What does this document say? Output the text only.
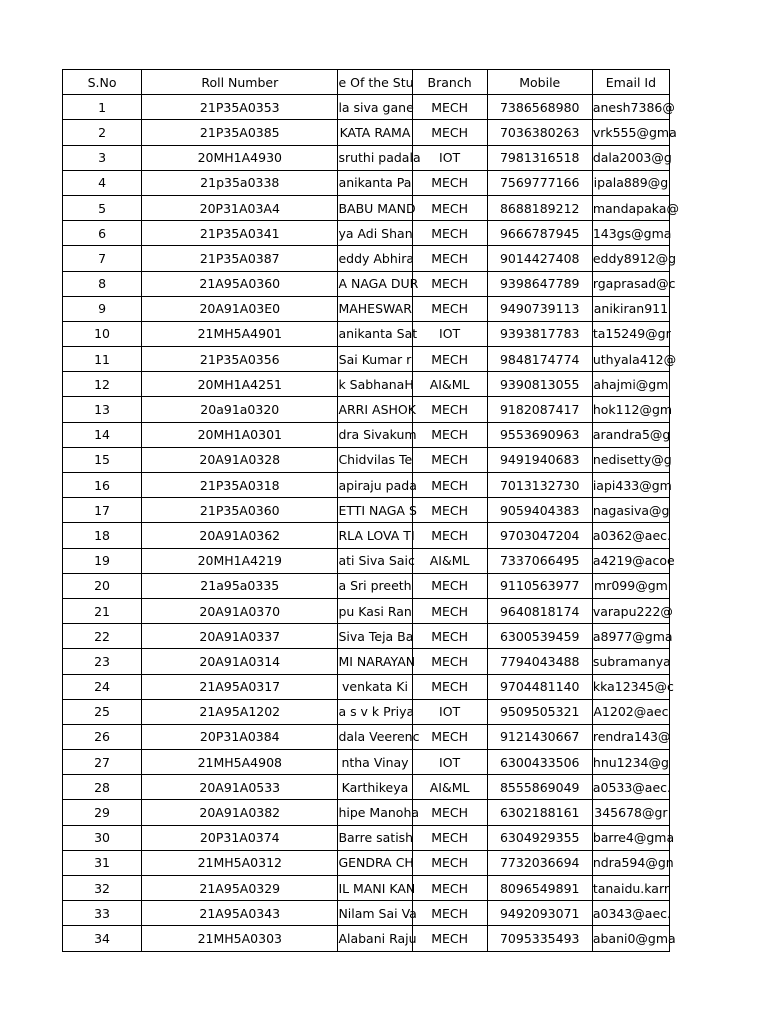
S.No	Roll Number	e Of the Stu	Branch	Mobile	Email Id

1	21P35A0353	la siva gane	MECH	7386568980	anesh7386@

2	21P35A0385	KATA RAMA	MECH	7036380263	vrk555@gma

3	20MH1A4930	sruthi padala	IOT	7981316518	dala2003@g

4	21p35a0338	anikanta Pa	MECH	7569777166	ipala889@g

5	20P31A03A4	BABU MAND	MECH	8688189212	mandapaka@

6	21P35A0341	ya Adi Shan	MECH	9666787945	143gs@gma

7	21P35A0387	eddy Abhira	MECH	9014427408	eddy8912@g

8	21A95A0360	A NAGA DUR	MECH	9398647789	rgaprasad@c

9	20A91A03E0	MAHESWAR	MECH	9490739113	anikiran911

10	21MH5A4901	anikanta Sat	IOT	9393817783	ta15249@gr

11	21P35A0356	Sai Kumar r	MECH	9848174774	uthyala412@

12	20MH1A4251	k SabhanaH	AI&ML	9390813055	ahajmi@gm

13	20a91a0320	ARRI ASHOK	MECH	9182087417	hok112@gm

14	20MH1A0301	dra Sivakum	MECH	9553690963	arandra5@g

15	20A91A0328	Chidvilas Te	MECH	9491940683	nedisetty@g

16	21P35A0318	apiraju pada	MECH	7013132730	iapi433@gm

17	21P35A0360	ETTI NAGA S	MECH	9059404383	nagasiva@g

18	20A91A0362	RLA LOVA TI	MECH	9703047204	a0362@aec.

19	20MH1A4219	ati Siva Saic	AI&ML	7337066495	a4219@acoe

20	21a95a0335	a Sri preeth	MECH	9110563977	mr099@gm

21	20A91A0370	pu Kasi Ran	MECH	9640818174	varapu222@

22	20A91A0337	Siva Teja Ba	MECH	6300539459	a8977@gma

23	20A91A0314	MI NARAYAN	MECH	7794043488	subramanya

24	21A95A0317	venkata Ki	MECH	9704481140	kka12345@c

25	21A95A1202	a s v k Priya	IOT	9509505321	A1202@aec

26	20P31A0384	dala Veerenc	MECH	9121430667	rendra143@

27	21MH5A4908	ntha Vinay	IOT	6300433506	hnu1234@g

28	20A91A0533	Karthikeya	AI&ML	8555869049	a0533@aec.

29	20A91A0382	hipe Manoha	MECH	6302188161	345678@gr

30	20P31A0374	Barre satish	MECH	6304929355	barre4@gma

31	21MH5A0312	GENDRA CH	MECH	7732036694	ndra594@gn

32	21A95A0329	IL MANI KAN	MECH	8096549891	tanaidu.karr

33	21A95A0343	Nilam Sai Va	MECH	9492093071	a0343@aec.

34	21MH5A0303	Alabani Raju	MECH	7095335493	abani0@gma
